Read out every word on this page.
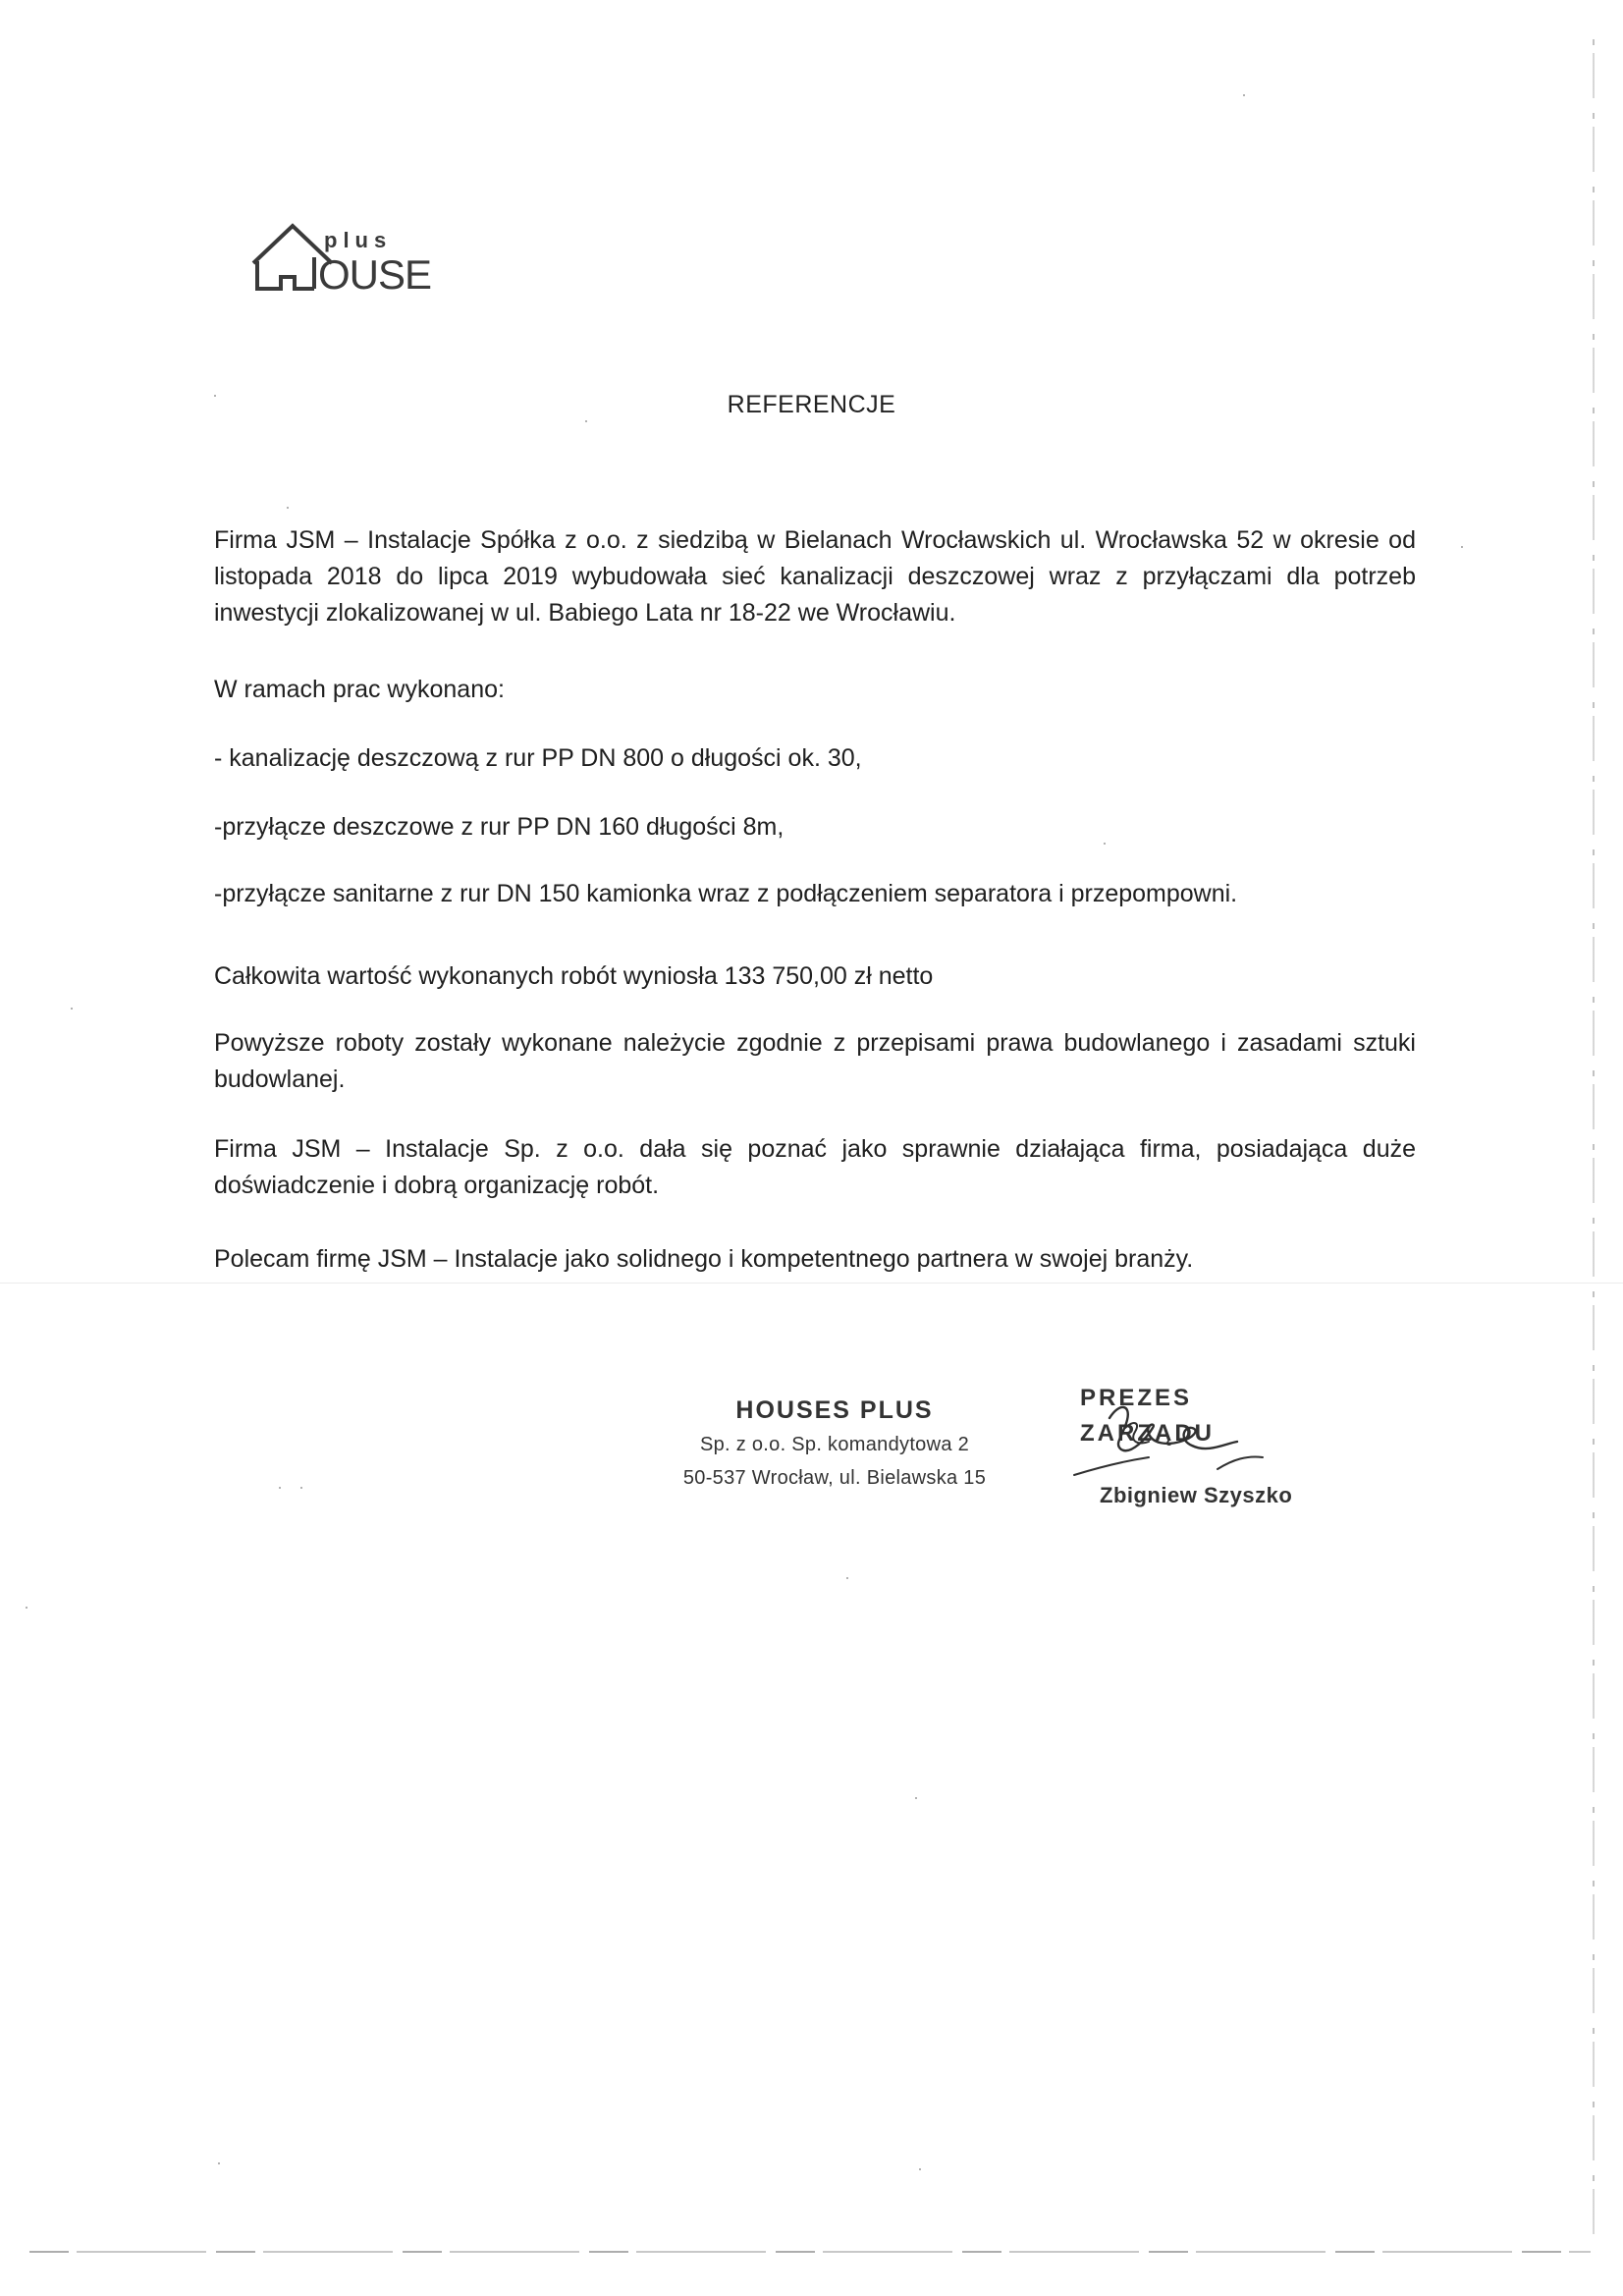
plus
OUSE
REFERENCJE

Firma JSM – Instalacje Spółka z o.o. z siedzibą w Bielanach Wrocławskich ul. Wrocławska 52 w okresie od listopada 2018 do lipca 2019 wybudowała sieć kanalizacji deszczowej wraz z przyłączami dla potrzeb inwestycji zlokalizowanej w ul. Babiego Lata nr 18-22 we Wrocławiu.

W ramach prac wykonano:

- kanalizację deszczową z rur PP DN 800 o długości ok. 30,

-przyłącze deszczowe z rur PP DN 160 długości 8m,

-przyłącze sanitarne z rur DN 150 kamionka wraz z podłączeniem separatora i przepompowni.

Całkowita wartość wykonanych robót wyniosła 133 750,00 zł netto

Powyższe roboty zostały wykonane należycie zgodnie z przepisami prawa budowlanego i zasadami sztuki budowlanej.

Firma JSM – Instalacje Sp. z o.o. dała się poznać jako sprawnie działająca firma, posiadająca duże doświadczenie i dobrą organizację robót.

Polecam firmę JSM – Instalacje jako solidnego i kompetentnego partnera w swojej branży.

HOUSES PLUS
Sp. z o.o. Sp. komandytowa 2
50-537 Wrocław, ul. Bielawska 15
PREZES ZARZĄDU
Zbigniew Szyszko
